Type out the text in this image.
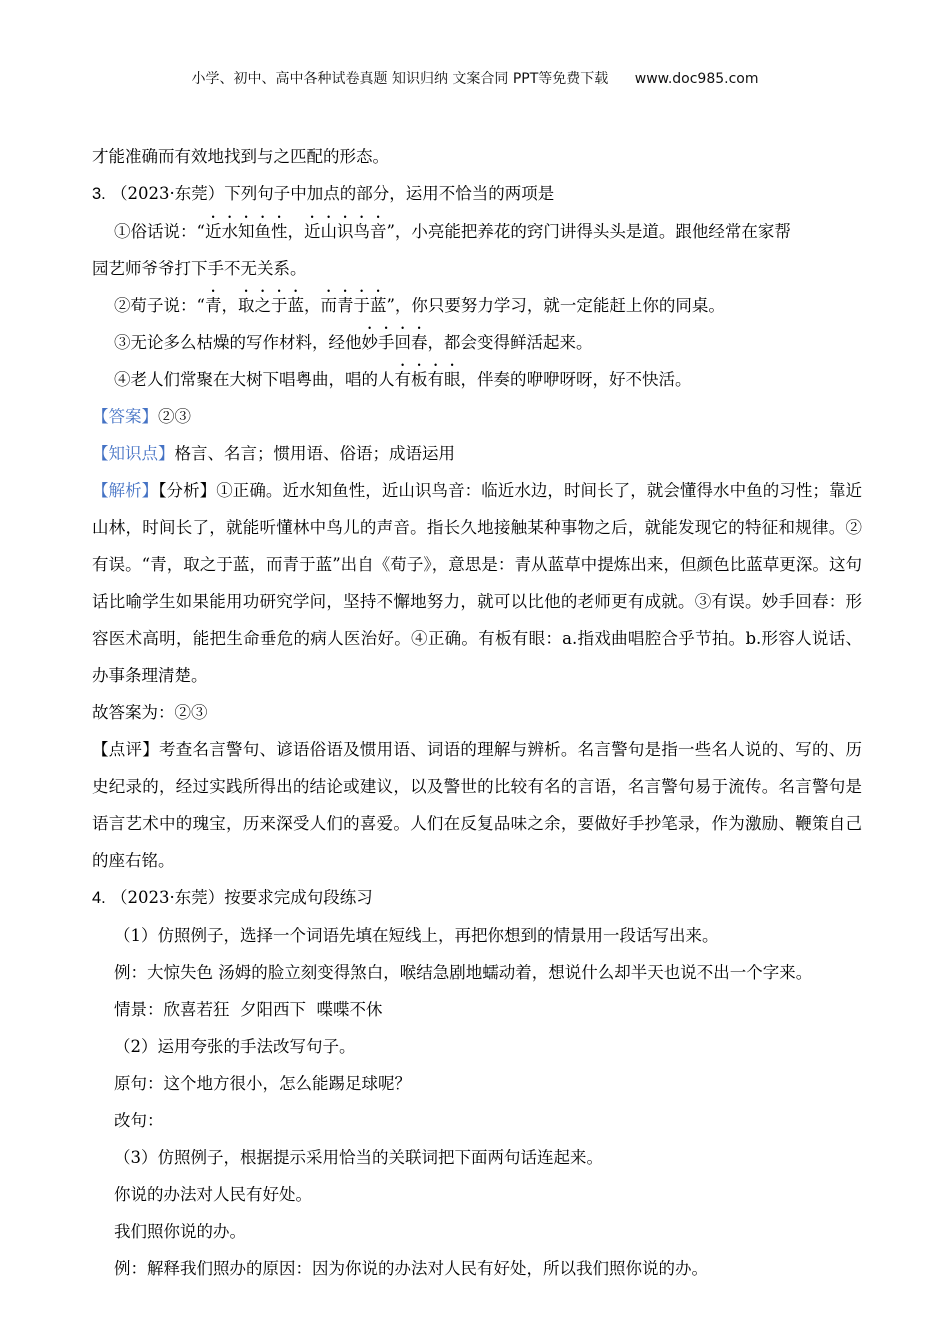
小学、初中、高中各种试卷真题 知识归纳 文案合同 PPT等免费下载 www.doc985.com

才能准确而有效地找到与之匹配的形态。

3. （2023·东莞）下列句子中加点的部分，运用不恰当的两项是

①俗话说：“近水知鱼性，近山识鸟音”，小亮能把养花的窍门讲得头头是道。跟他经常在家帮

园艺师爷爷打下手不无关系。

②荀子说：“青，取之于蓝，而青于蓝”，你只要努力学习，就一定能赶上你的同桌。

③无论多么枯燥的写作材料，经他妙手回春，都会变得鲜活起来。

④老人们常聚在大树下唱粤曲，唱的人有板有眼，伴奏的咿咿呀呀，好不快活。

【答案】②③

【知识点】格言、名言；惯用语、俗语；成语运用

【解析】【分析】①正确。近水知鱼性，近山识鸟音：临近水边，时间长了，就会懂得水中鱼的习性；靠近山林，时间长了，就能听懂林中鸟儿的声音。指长久地接触某种事物之后，就能发现它的特征和规律。②有误。“青，取之于蓝，而青于蓝”出自《荀子》，意思是：青从蓝草中提炼出来，但颜色比蓝草更深。这句话比喻学生如果能用功研究学问，坚持不懈地努力，就可以比他的老师更有成就。③有误。妙手回春：形容医术高明，能把生命垂危的病人医治好。④正确。有板有眼：a.指戏曲唱腔合乎节拍。b.形容人说话、办事条理清楚。

故答案为：②③

【点评】考查名言警句、谚语俗语及惯用语、词语的理解与辨析。名言警句是指一些名人说的、写的、历史纪录的，经过实践所得出的结论或建议，以及警世的比较有名的言语，名言警句易于流传。名言警句是语言艺术中的瑰宝，历来深受人们的喜爱。人们在反复品味之余，要做好手抄笔录，作为激励、鞭策自己的座右铭。

4. （2023·东莞）按要求完成句段练习

（1）仿照例子，选择一个词语先填在短线上，再把你想到的情景用一段话写出来。

例：大惊失色 汤姆的脸立刻变得煞白，喉结急剧地蠕动着，想说什么却半天也说不出一个字来。

情景：欣喜若狂  夕阳西下  喋喋不休

（2）运用夸张的手法改写句子。

原句：这个地方很小，怎么能踢足球呢？

改句：

（3）仿照例子，根据提示采用恰当的关联词把下面两句话连起来。

你说的办法对人民有好处。

我们照你说的办。

例：解释我们照办的原因：因为你说的办法对人民有好处，所以我们照你说的办。
